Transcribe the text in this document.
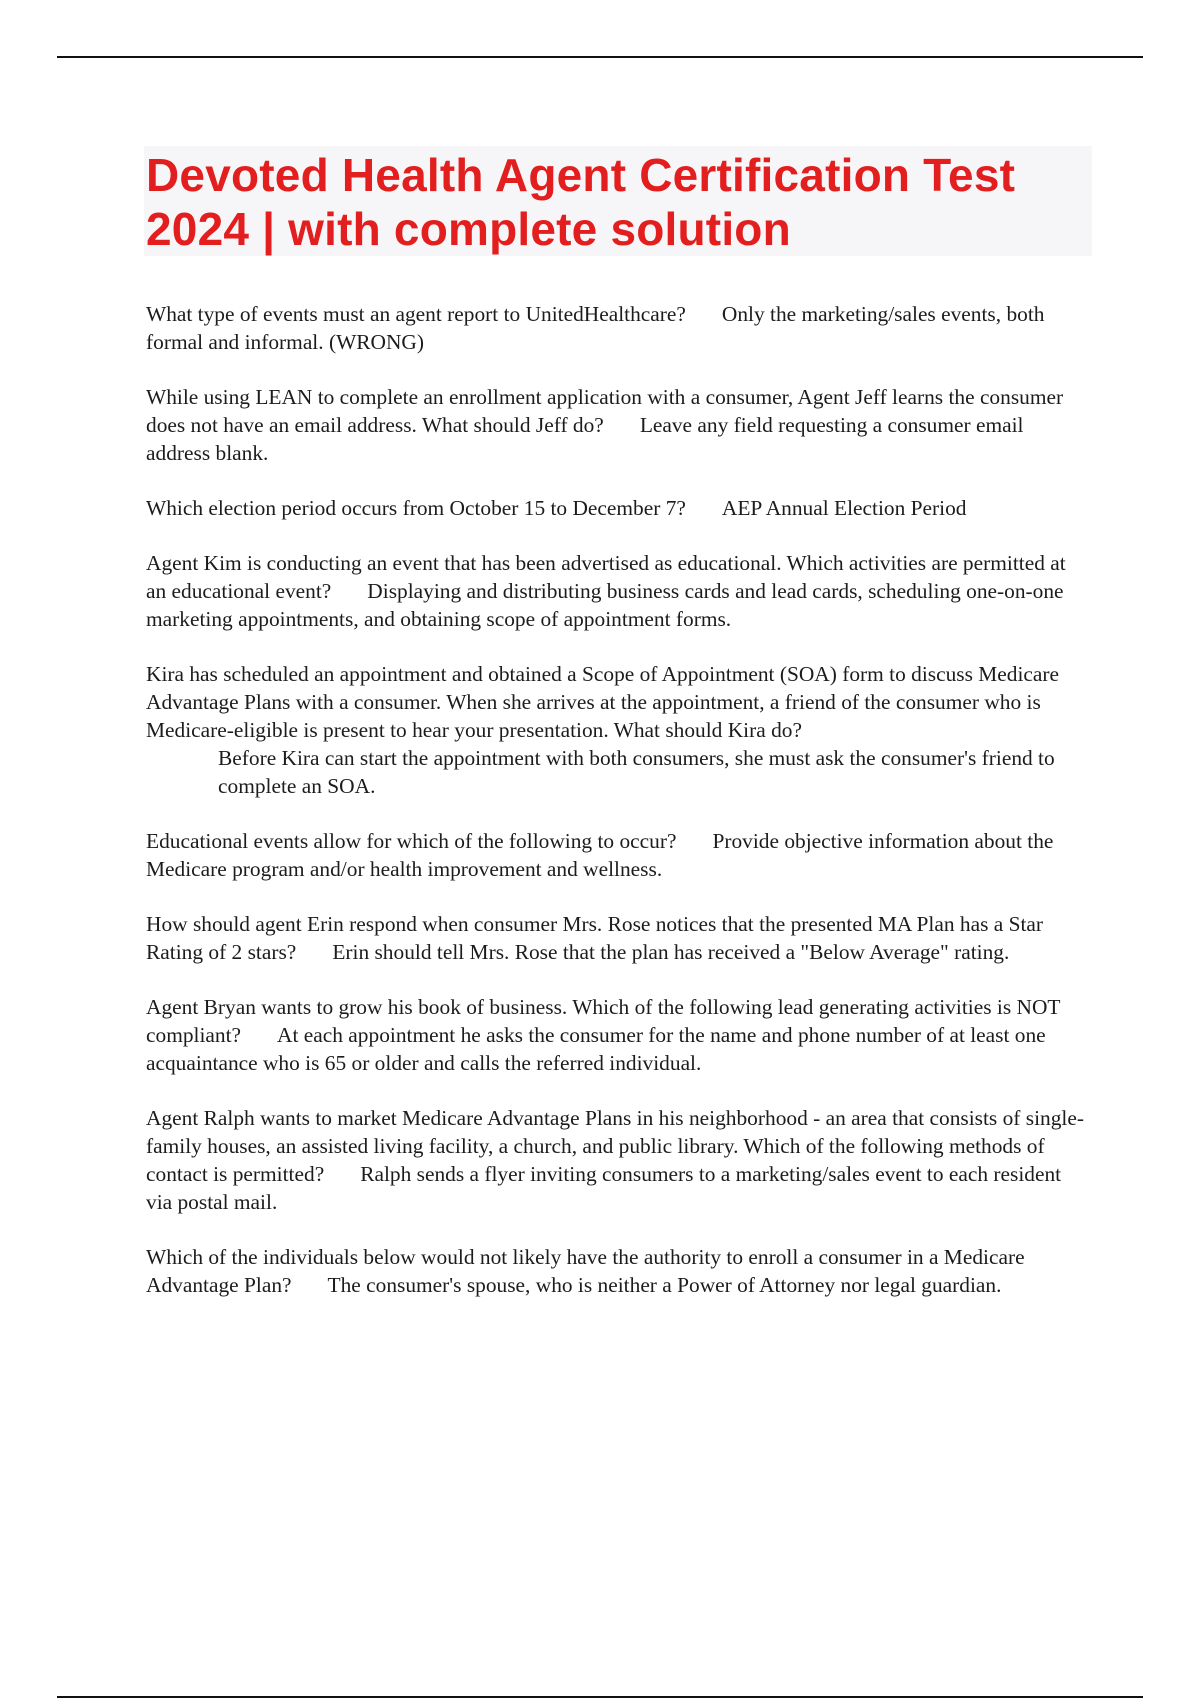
Devoted Health Agent Certification Test 2024 | with complete solution
What type of events must an agent report to UnitedHealthcare? Only the marketing/sales events, both formal and informal. (WRONG)
While using LEAN to complete an enrollment application with a consumer, Agent Jeff learns the consumer does not have an email address. What should Jeff do? Leave any field requesting a consumer email address blank.
Which election period occurs from October 15 to December 7? AEP Annual Election Period
Agent Kim is conducting an event that has been advertised as educational. Which activities are permitted at an educational event? Displaying and distributing business cards and lead cards, scheduling one-on-one marketing appointments, and obtaining scope of appointment forms.
Kira has scheduled an appointment and obtained a Scope of Appointment (SOA) form to discuss Medicare Advantage Plans with a consumer. When she arrives at the appointment, a friend of the consumer who is Medicare-eligible is present to hear your presentation. What should Kira do?
Before Kira can start the appointment with both consumers, she must ask the consumer's friend to complete an SOA.
Educational events allow for which of the following to occur? Provide objective information about the Medicare program and/or health improvement and wellness.
How should agent Erin respond when consumer Mrs. Rose notices that the presented MA Plan has a Star Rating of 2 stars? Erin should tell Mrs. Rose that the plan has received a "Below Average" rating.
Agent Bryan wants to grow his book of business. Which of the following lead generating activities is NOT compliant? At each appointment he asks the consumer for the name and phone number of at least one acquaintance who is 65 or older and calls the referred individual.
Agent Ralph wants to market Medicare Advantage Plans in his neighborhood - an area that consists of single-family houses, an assisted living facility, a church, and public library. Which of the following methods of contact is permitted? Ralph sends a flyer inviting consumers to a marketing/sales event to each resident via postal mail.
Which of the individuals below would not likely have the authority to enroll a consumer in a Medicare Advantage Plan? The consumer's spouse, who is neither a Power of Attorney nor legal guardian.
